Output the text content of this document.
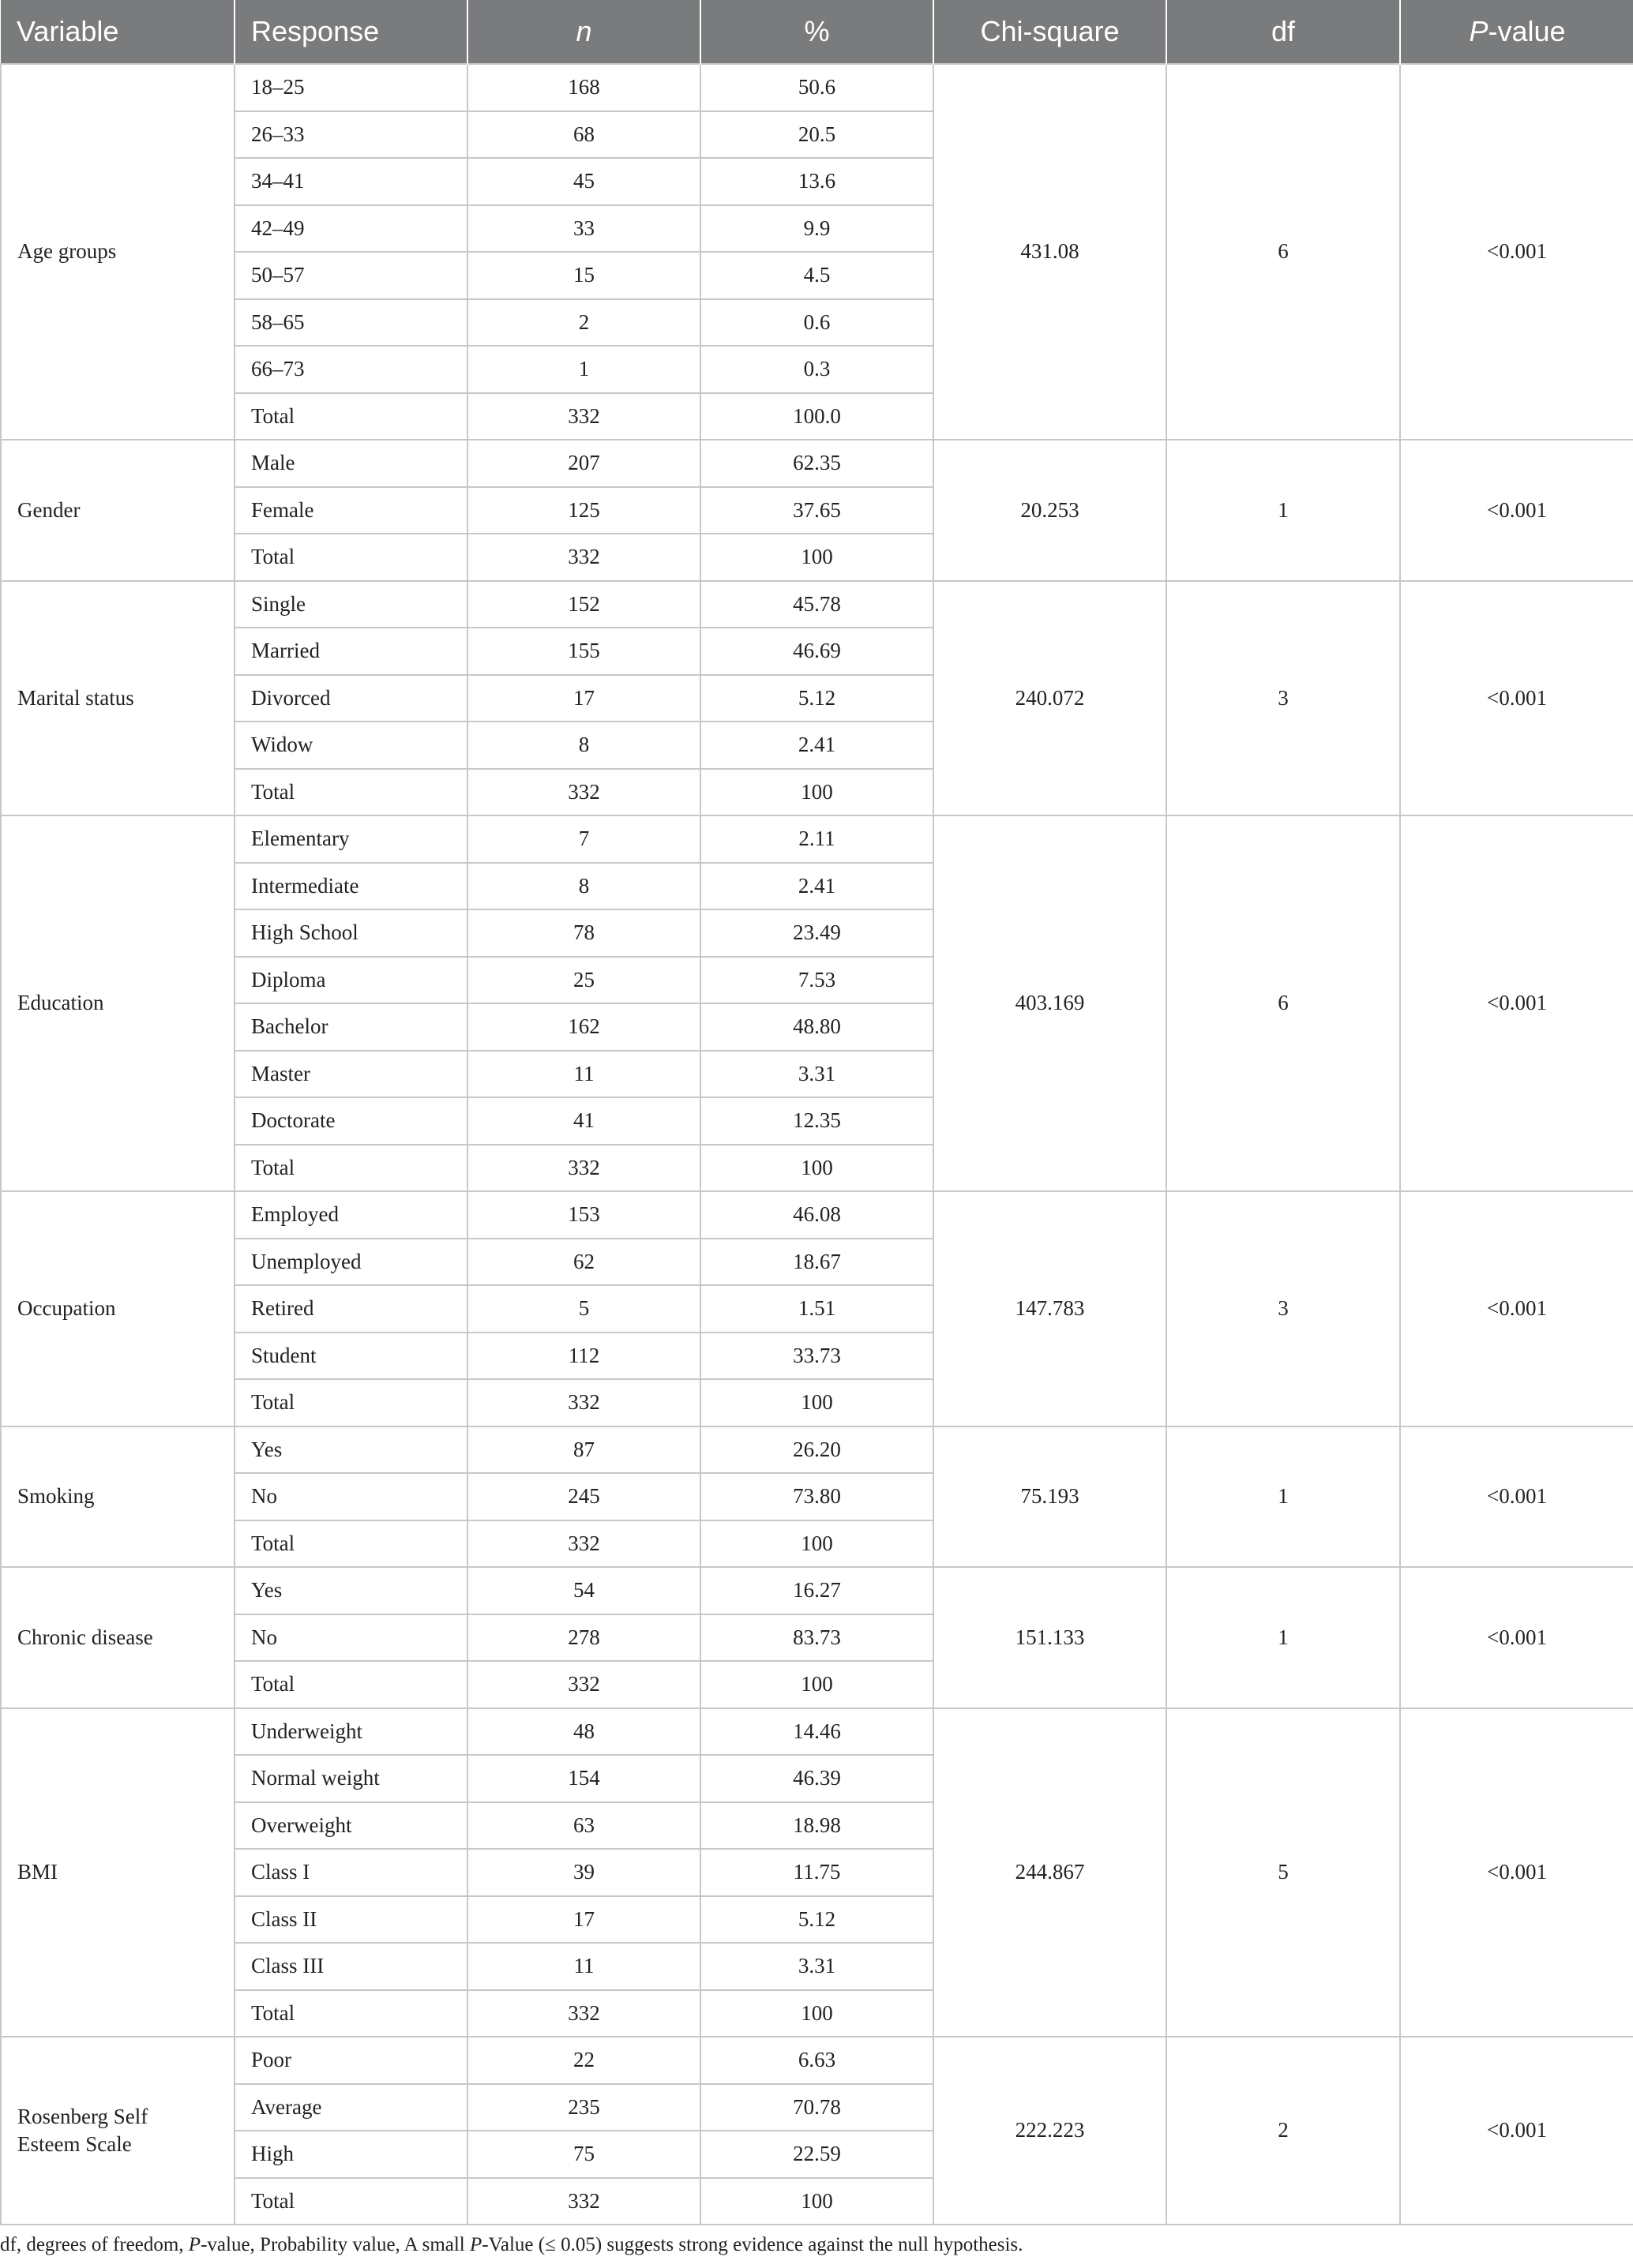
Variable	Response	n	%	Chi-square	df	P-value
Age groups	18–25	168	50.6	431.08	6	<0.001
	26–33	68	20.5			
	34–41	45	13.6			
	42–49	33	9.9			
	50–57	15	4.5			
	58–65	2	0.6			
	66–73	1	0.3			
	Total	332	100.0			
Gender	Male	207	62.35	20.253	1	<0.001
	Female	125	37.65			
	Total	332	100			
Marital status	Single	152	45.78	240.072	3	<0.001
	Married	155	46.69			
	Divorced	17	5.12			
	Widow	8	2.41			
	Total	332	100			
Education	Elementary	7	2.11	403.169	6	<0.001
	Intermediate	8	2.41			
	High School	78	23.49			
	Diploma	25	7.53			
	Bachelor	162	48.80			
	Master	11	3.31			
	Doctorate	41	12.35			
	Total	332	100			
Occupation	Employed	153	46.08	147.783	3	<0.001
	Unemployed	62	18.67			
	Retired	5	1.51			
	Student	112	33.73			
	Total	332	100			
Smoking	Yes	87	26.20	75.193	1	<0.001
	No	245	73.80			
	Total	332	100			
Chronic disease	Yes	54	16.27	151.133	1	<0.001
	No	278	83.73			
	Total	332	100			
BMI	Underweight	48	14.46	244.867	5	<0.001
	Normal weight	154	46.39			
	Overweight	63	18.98			
	Class I	39	11.75			
	Class II	17	5.12			
	Class III	11	3.31			
	Total	332	100			
Rosenberg Self Esteem Scale	Poor	22	6.63	222.223	2	<0.001
	Average	235	70.78			
	High	75	22.59			
	Total	332	100			
df, degrees of freedom, P-value, Probability value, A small P-Value (≤ 0.05) suggests strong evidence against the null hypothesis.
